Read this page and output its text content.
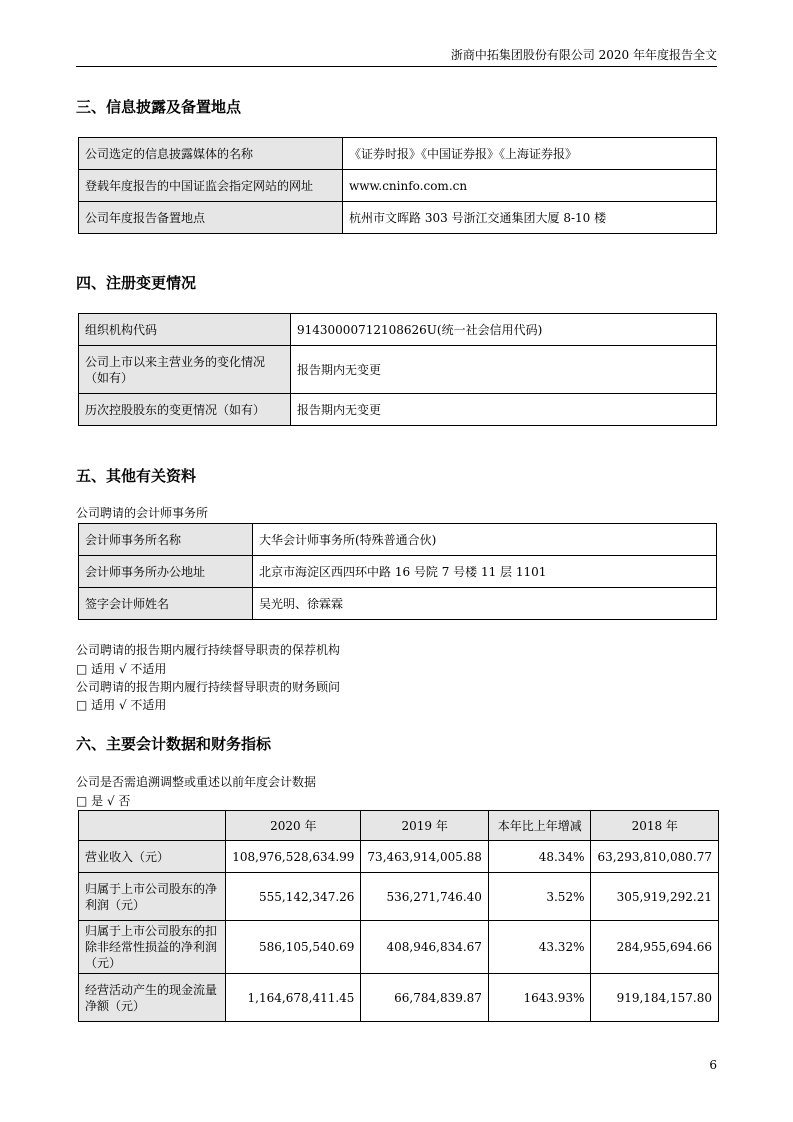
浙商中拓集团股份有限公司 2020 年年度报告全文
三、信息披露及备置地点
公司选定的信息披露媒体的名称	《证券时报》《中国证券报》《上海证券报》
登载年度报告的中国证监会指定网站的网址	www.cninfo.com.cn
公司年度报告备置地点	杭州市文晖路 303 号浙江交通集团大厦 8-10 楼
四、注册变更情况
组织机构代码	91430000712108626U(统一社会信用代码)
公司上市以来主营业务的变化情况（如有）	报告期内无变更
历次控股股东的变更情况（如有）	报告期内无变更
五、其他有关资料
公司聘请的会计师事务所
会计师事务所名称	大华会计师事务所(特殊普通合伙)
会计师事务所办公地址	北京市海淀区西四环中路 16 号院 7 号楼 11 层 1101
签字会计师姓名	吴光明、徐霖霖
公司聘请的报告期内履行持续督导职责的保荐机构
□ 适用 √ 不适用
公司聘请的报告期内履行持续督导职责的财务顾问
□ 适用 √ 不适用
六、主要会计数据和财务指标
公司是否需追溯调整或重述以前年度会计数据
□ 是 √ 否
	2020 年	2019 年	本年比上年增减	2018 年
营业收入（元）	108,976,528,634.99	73,463,914,005.88	48.34%	63,293,810,080.77
归属于上市公司股东的净利润（元）	555,142,347.26	536,271,746.40	3.52%	305,919,292.21
归属于上市公司股东的扣除非经常性损益的净利润（元）	586,105,540.69	408,946,834.67	43.32%	284,955,694.66
经营活动产生的现金流量净额（元）	1,164,678,411.45	66,784,839.87	1643.93%	919,184,157.80
6
